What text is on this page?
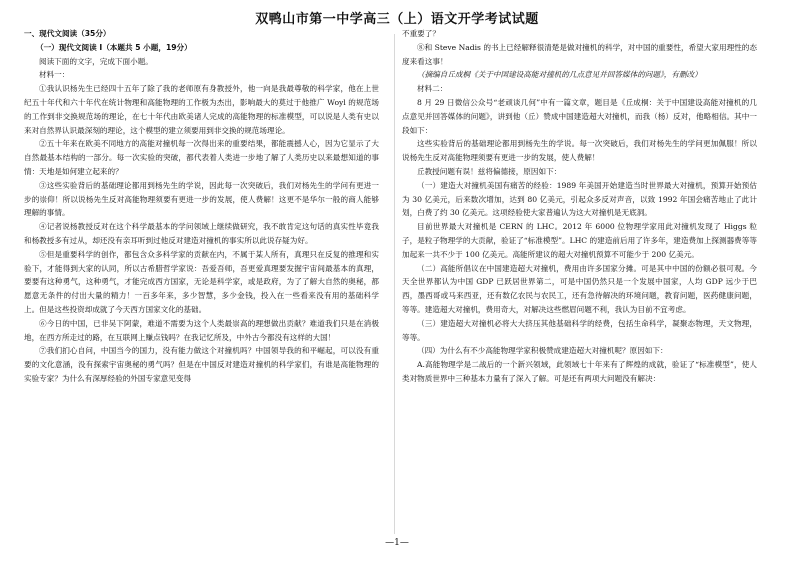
双鸭山市第一中学高三（上）语文开学考试试题

一、现代文阅读（35分）

（一）现代文阅读 I（本题共 5 小题，19分）

阅读下面的文字，完成下面小题。

材料一：

①我认识杨先生已经四十五年了除了我的老师原有身教授外，他一向是我最尊敬的科学家，他在上世纪五十年代和六十年代在统计物理和高能物理的工作极为杰出，影响最大的莫过于他推广 Woyl 的规范场的工作到非交换规范场的理论，在七十年代由欧美诸人完成的高能物理的标准模型，可以说是人类有史以来对自然界认识最深刻的理论，这个模型的建立须要用到非交换的规范场理论。

②五十年来在欧美不同地方的高能对撞机每一次得出来的重要结果，都能震撼人心，因为它显示了大自然最基本结构的一部分。每一次实验的突破，都代表着人类进一步地了解了人类历史以来最想知道的事情：天地是如何建立起来的？

③这些实验背后的基础理论都用到杨先生的学说，因此每一次突破后，我们对杨先生的学问有更进一步的崇仰！所以说杨先生反对高能物理须要有更进一步的发展，使人费解！这更不是华尔一般的商人能够理解的事情。

④记者说杨教授反对在这个科学最基本的学问领域上继续做研究，我不敢肯定这句话的真实性毕竟我和杨教授多有过从，却还没有亲耳听到过他反对建造对撞机的事实所以此说存疑为好。

⑤但是重要科学的创作，都包含众多科学家的贡献在内，不属于某人所有，真理只在反复的推理和实验下，才能得到大家的认同，所以古希腊哲学家说：吾爱吾师，吾更爱真理要发掘宇宙间最基本的真理，要要有这种勇气，这种勇气，才能完成西方国家，无论是科学家，或是政府，为了了解大自然的奥秘，都愿意无条件的付出大量的精力！一百多年来，多少智慧，多少金钱，投入在一些看来没有用的基础科学上。但是这些投资却成就了今天西方国家文化的基础。

⑥今日的中国，已非吴下阿蒙，难道不需要为这个人类最崇高的理想做出贡献？难道我们只是在消极地，在西方所走过的路，在互联网上赚点钱吗？在我记忆所及，中外古今都没有这样的大国！

⑦我们扪心自问，中国当今的国力，没有能力做这个对撞机吗？中国领导我的和平崛起，可以没有重要的文化意涵，没有探索宇宙奥秘的勇气吗？但是在中国反对建造对撞机的科学家们，有谁是高能物理的实验专家？为什么有深厚经验的外国专家意见变得

不重要了？

⑧和 Steve Nadis 的书上已经解释很清楚是做对撞机的科学，对中国的重要性，希望大家用理性的态度来看这事！

（摘编自丘成桐《关于中国建设高能对撞机的几点意见并回答媒体的问题》，有删改）

材料二：

8 月 29 日微信公众号“老顽谈几何”中有一篇文章，题目是《丘成桐：关于中国建设高能对撞机的几点意见并回答媒体的问题》，讲到他（丘）赞成中国建造超大对撞机，而我（杨）反对，他略相信。其中一段如下：

这些实验背后的基础理论都用到杨先生的学说。每一次突破后，我们对杨先生的学问更加佩服！所以说杨先生反对高能物理须要有更进一步的发展，使人费解！

丘教授问题有误！兹将偏德接，原因如下：

（一）建造大对撞机美国有痛苦的经验：1989 年美国开始建造当时世界最大对撞机，预算开始预估为 30 亿美元，后来数次增加，达到 80 亿美元，引起众多反对声音，以致 1992 年国会痛苦地止了此计划，白费了约 30 亿美元。这项经验使大家普遍认为这大对撞机是无底洞。

目前世界最大对撞机是 CERN 的 LHC。2012 年 6000 位物理学家用此对撞机发现了 Higgs 粒子，是粒子物理学的大贡献，验证了“标准模型”。LHC 的建造前后用了许多年，建造费加上探测器费等等加起来一共不少于 100 亿美元。高能所建议的超大对撞机预算不可能少于 200 亿美元。

（二）高能所倡议在中国建造超大对撞机，费用由许多国家分摊。可是其中中国的份额必很可观。今天全世界都认为中国 GDP 已跃居世界第二，可是中国仍然只是一个发展中国家，人均 GDP 远少于巴西，墨西哥或马来西亚，还有数亿农民与农民工，还有急待解决的环境问题，教育问题，医药健康问题，等等。建造超大对撞机，费用奇大，对解决这些燃眉问题不利，我认为目前不宜考虑。

（三）建造超大对撞机必将大大挤压其他基础科学的经费，包括生命科学，凝聚态物理，天文物理，等等。

（四）为什么有不少高能物理学家积极赞成建造超大对撞机呢？原因如下：

A.高能物理学是二战后的一个新兴领域，此领域七十年来有了辉煌的成就，验证了“标准模型”，使人类对物质世界中三种基本力量有了深入了解。可是还有两项大问题没有解决：

—1—
